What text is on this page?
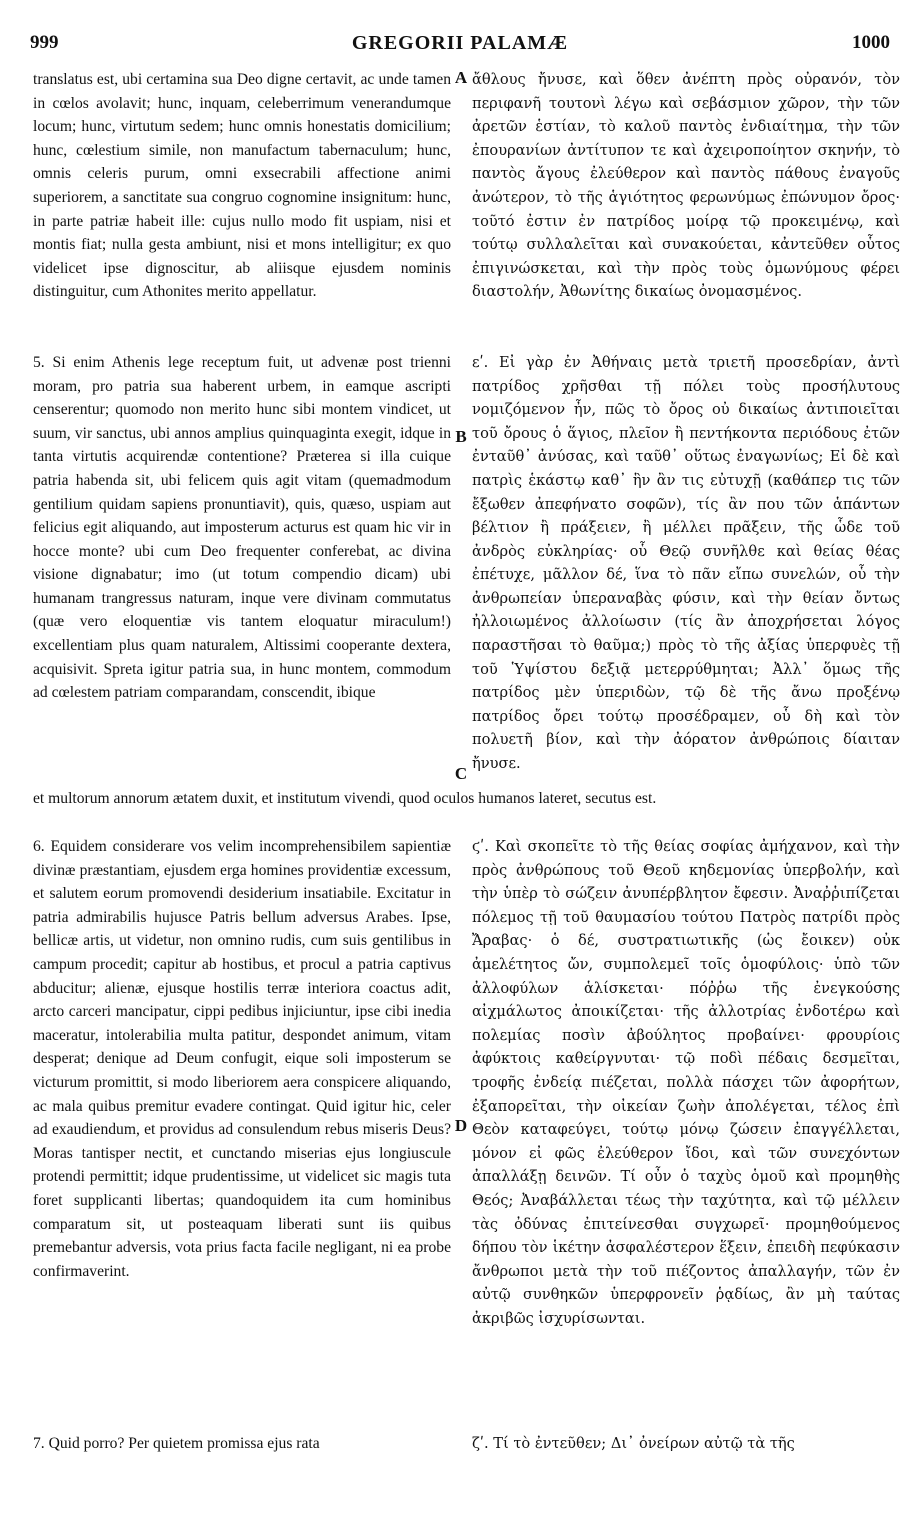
999	GREGORII PALAMÆ	1000

translatus est, ubi certamina sua Deo digne certavit, ac unde tamen in cœlos avolavit; hunc, inquam, celeberrimum venerandumque locum; hunc, virtutum sedem; hunc omnis honestatis domicilium; hunc, cœlestium simile, non manufactum tabernaculum; hunc, omnis celeris purum, omni exsecrabili affectione animi superiorem, a sanctitate sua congruo cognomine insignitum: hunc, in parte patriæ habeit ille: cujus nullo modo fit uspiam, nisi et montis fiat; nulla gesta ambiunt, nisi et mons intelligitur; ex quo videlicet ipse dignoscitur, ab aliisque ejusdem nominis distinguitur, cum Athonites merito appellatur.

5. Si enim Athenis lege receptum fuit, ut advenæ post trienni moram, pro patria sua haberent urbem, in eamque ascripti censerentur; quomodo non merito hunc sibi montem vindicet, ut suum, vir sanctus, ubi annos amplius quinquaginta exegit, idque in tanta virtutis acquirendæ contentione? Præterea si illa cuique patria habenda sit, ubi felicem quis agit vitam (quemadmodum gentilium quidam sapiens pronuntiavit), quis, quæso, uspiam aut felicius egit aliquando, aut imposterum acturus est quam hic vir in hocce monte? ubi cum Deo frequenter conferebat, ac divina visione dignabatur; imo (ut totum compendio dicam) ubi humanam trangressus naturam, inque vere divinam commutatus (quæ vero eloquentiæ vis tantem eloquatur miraculum!) excellentiam plus quam naturalem, Altissimi cooperante dextera, acquisivit. Spreta igitur patria sua, in hunc montem, commodum ad cœlestem patriam comparandam, conscendit, ibique

ἄθλους ἤνυσε, καὶ ὅθεν ἀνέπτη πρὸς οὐρανόν, τὸν περιφανῆ τουτονὶ λέγω καὶ σεβάσμιον χῶρον, τὴν τῶν ἀρετῶν ἑστίαν, τὸ καλοῦ παντὸς ἐνδιαίτημα, τὴν τῶν ἐπουρανίων ἀντίτυπον τε καὶ ἀχειροποίητον σκηνήν, τὸ παντὸς ἄγους ἐλεύθερον καὶ παντὸς πάθους ἐναγοῦς ἀνώτερον, τὸ τῆς ἁγιότητος φερωνύμως ἐπώνυμον ὄρος· τοῦτό ἐστιν ἐν πατρίδος μοίρᾳ τῷ προκειμένῳ, καὶ τούτῳ συλλαλεῖται καὶ συνακούεται, κἀντεῦθεν οὗτος ἐπιγινώσκεται, καὶ τὴν πρὸς τοὺς ὁμωνύμους φέρει διαστολήν, Ἀθωνίτης δικαίως ὀνομασμένος.

εʹ. Εἰ γὰρ ἐν Ἀθήναις μετὰ τριετῆ προσεδρίαν, ἀντὶ πατρίδος χρῆσθαι τῇ πόλει τοὺς προσήλυτους νομιζόμενον ἦν, πῶς τὸ ὄρος οὐ δικαίως ἀντιποιεῖται τοῦ ὄρους ὁ ἅγιος, πλεῖον ἢ πεντήκοντα περιόδους ἐτῶν ἐνταῦθ᾽ ἀνύσας, καὶ ταῦθ᾽ οὕτως ἐναγωνίως; Εἰ δὲ καὶ πατρὶς ἑκάστῳ καθ᾽ ἣν ἂν τις εὐτυχῇ (καθάπερ τις τῶν ἔξωθεν ἀπεφήνατο σοφῶν), τίς ἂν που τῶν ἁπάντων βέλτιον ἢ πράξειεν, ἢ μέλλει πρᾶξειν, τῆς ὧδε τοῦ ἀνδρὸς εὐκληρίας· οὗ Θεῷ συνῆλθε καὶ θείας θέας ἐπέτυχε, μᾶλλον δέ, ἵνα τὸ πᾶν εἴπω συνελών, οὗ τὴν ἀνθρωπείαν ὑπεραναβὰς φύσιν, καὶ τὴν θείαν ὄντως ἠλλοιωμένος ἀλλοίωσιν (τίς ἂν ἀποχρήσεται λόγος παραστῆσαι τὸ θαῦμα;) πρὸς τὸ τῆς ἀξίας ὑπερφυὲς τῇ τοῦ Ὑψίστου δεξιᾷ μετερρύθμηται; Ἀλλ᾽ ὅμως τῆς πατρίδος μὲν ὑπεριδὼν, τῷ δὲ τῆς ἄνω προξένῳ πατρίδος ὄρει τούτῳ προσέδραμεν, οὗ δὴ καὶ τὸν πολυετῆ βίον, καὶ τὴν ἀόρατον ἀνθρώποις δίαιταν ἤνυσε.

et multorum annorum ætatem duxit, et institutum vivendi, quod oculos humanos lateret, secutus est.

6. Equidem considerare vos velim incomprehensibilem sapientiæ divinæ præstantiam, ejusdem erga homines providentiæ excessum, et salutem eorum promovendi desiderium insatiabile. Excitatur in patria admirabilis hujusce Patris bellum adversus Arabes. Ipse, bellicæ artis, ut videtur, non omnino rudis, cum suis gentilibus in campum procedit; capitur ab hostibus, et procul a patria captivus abducitur; alienæ, ejusque hostilis terræ interiora coactus adit, arcto carceri mancipatur, cippi pedibus injiciuntur, ipse cibi inedia maceratur, intolerabilia multa patitur, despondet animum, vitam desperat; denique ad Deum confugit, eique soli imposterum se victurum promittit, si modo liberiorem aera conspicere aliquando, ac mala quibus premitur evadere contingat. Quid igitur hic, celer ad exaudiendum, et providus ad consulendum rebus miseris Deus? Moras tantisper nectit, et cunctando miserias ejus longiuscule protendi permittit; idque prudentissime, ut videlicet sic magis tuta foret supplicanti libertas; quandoquidem ita cum hominibus comparatum sit, ut posteaquam liberati sunt iis quibus premebantur adversis, vota prius facta facile negligant, ni ea probe confirmaverint.

ϛʹ. Καὶ σκοπεῖτε τὸ τῆς θείας σοφίας ἀμήχανον, καὶ τὴν πρὸς ἀνθρώπους τοῦ Θεοῦ κηδεμονίας ὑπερβολήν, καὶ τὴν ὑπὲρ τὸ σώζειν ἀνυπέρβλητον ἔφεσιν. Ἀναῤῥιπίζεται πόλεμος τῇ τοῦ θαυμασίου τούτου Πατρὸς πατρίδι πρὸς Ἄραβας· ὁ δέ, συστρατιωτικῆς (ὡς ἔοικεν) οὐκ ἀμελέτητος ὤν, συμπολεμεῖ τοῖς ὁμοφύλοις· ὑπὸ τῶν ἀλλοφύλων ἁλίσκεται· πόῤῥω τῆς ἐνεγκούσης αἰχμάλωτος ἀποικίζεται· τῆς ἀλλοτρίας ἐνδοτέρω καὶ πολεμίας ποσὶν ἀβούλητος προβαίνει· φρουρίοις ἀφύκτοις καθείργνυται· τῷ ποδὶ πέδαις δεσμεῖται, τροφῆς ἐνδείᾳ πιέζεται, πολλὰ πάσχει τῶν ἀφορήτων, ἐξαπορεῖται, τὴν οἰκείαν ζωὴν ἀπολέγεται, τέλος ἐπὶ Θεὸν καταφεύγει, τούτῳ μόνῳ ζώσειν ἐπαγγέλλεται, μόνον εἰ φῶς ἐλεύθερον ἴδοι, καὶ τῶν συνεχόντων ἀπαλλάξῃ δεινῶν. Τί οὖν ὁ ταχὺς ὁμοῦ καὶ προμηθὴς Θεός; Ἀναβάλλεται τέως τὴν ταχύτητα, καὶ τῷ μέλλειν τὰς ὀδύνας ἐπιτείνεσθαι συγχωρεῖ· προμηθούμενος δήπου τὸν ἱκέτην ἀσφαλέστερον ἕξειν, ἐπειδὴ πεφύκασιν ἄνθρωποι μετὰ τὴν τοῦ πιέζοντος ἀπαλλαγήν, τῶν ἐν αὐτῷ συνθηκῶν ὑπερφρονεῖν ῥᾳδίως, ἂν μὴ ταύτας ἀκριβῶς ἰσχυρίσωνται.

7. Quid porro? Per quietem promissa ejus rata	ζʹ. Τί τὸ ἐντεῦθεν; Δι᾽ ὀνείρων αὐτῷ τὰ τῆς

A
B
C
D
